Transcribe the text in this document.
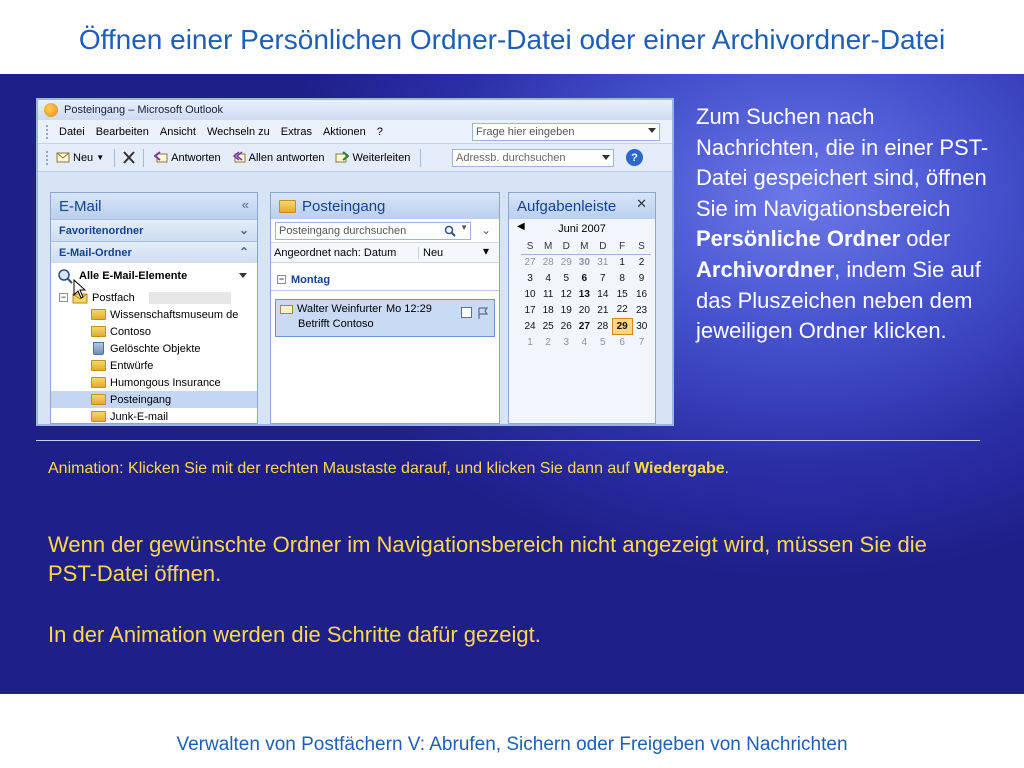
Öffnen einer Persönlichen Ordner-Datei oder einer Archivordner-Datei
Posteingang – Microsoft Outlook
Datei Bearbeiten Ansicht Wechseln zu Extras Aktionen ?	Frage hier eingeben
Neu ▼	Antworten	Allen antworten	Weiterleiten	Adressb. durchsuchen	?
E-Mail	«
Favoritenordner	⌄
E-Mail-Ordner	⌃
Alle E-Mail-Elemente
− Postfach
Wissenschaftsmuseum de
Contoso
Gelöschte Objekte
Entwürfe
Humongous Insurance
Posteingang
Junk-E-mail
Posteingang
Posteingang durchsuchen	▼ ⌄
Angeordnet nach: Datum	Neu	▾
− Montag
Walter Weinfurter Mo 12:29
Betrifft Contoso
Aufgabenleiste ✕
◀	Juni 2007
S	M	D	M	D	F	S
27	28	29	30	31	1	2
3	4	5	6	7	8	9
10	11	12	13	14	15	16
17	18	19	20	21	22	23
24	25	26	27	28	29	30
1	2	3	4	5	6	7
Zum Suchen nach Nachrichten, die in einer PST-Datei gespeichert sind, öffnen Sie im Navigationsbereich Persönliche Ordner oder Archivordner, indem Sie auf das Pluszeichen neben dem jeweiligen Ordner klicken.
Animation: Klicken Sie mit der rechten Maustaste darauf, und klicken Sie dann auf Wiedergabe.
Wenn der gewünschte Ordner im Navigationsbereich nicht angezeigt wird, müssen Sie die PST-Datei öffnen.
In der Animation werden die Schritte dafür gezeigt.
Verwalten von Postfächern V: Abrufen, Sichern oder Freigeben von Nachrichten
